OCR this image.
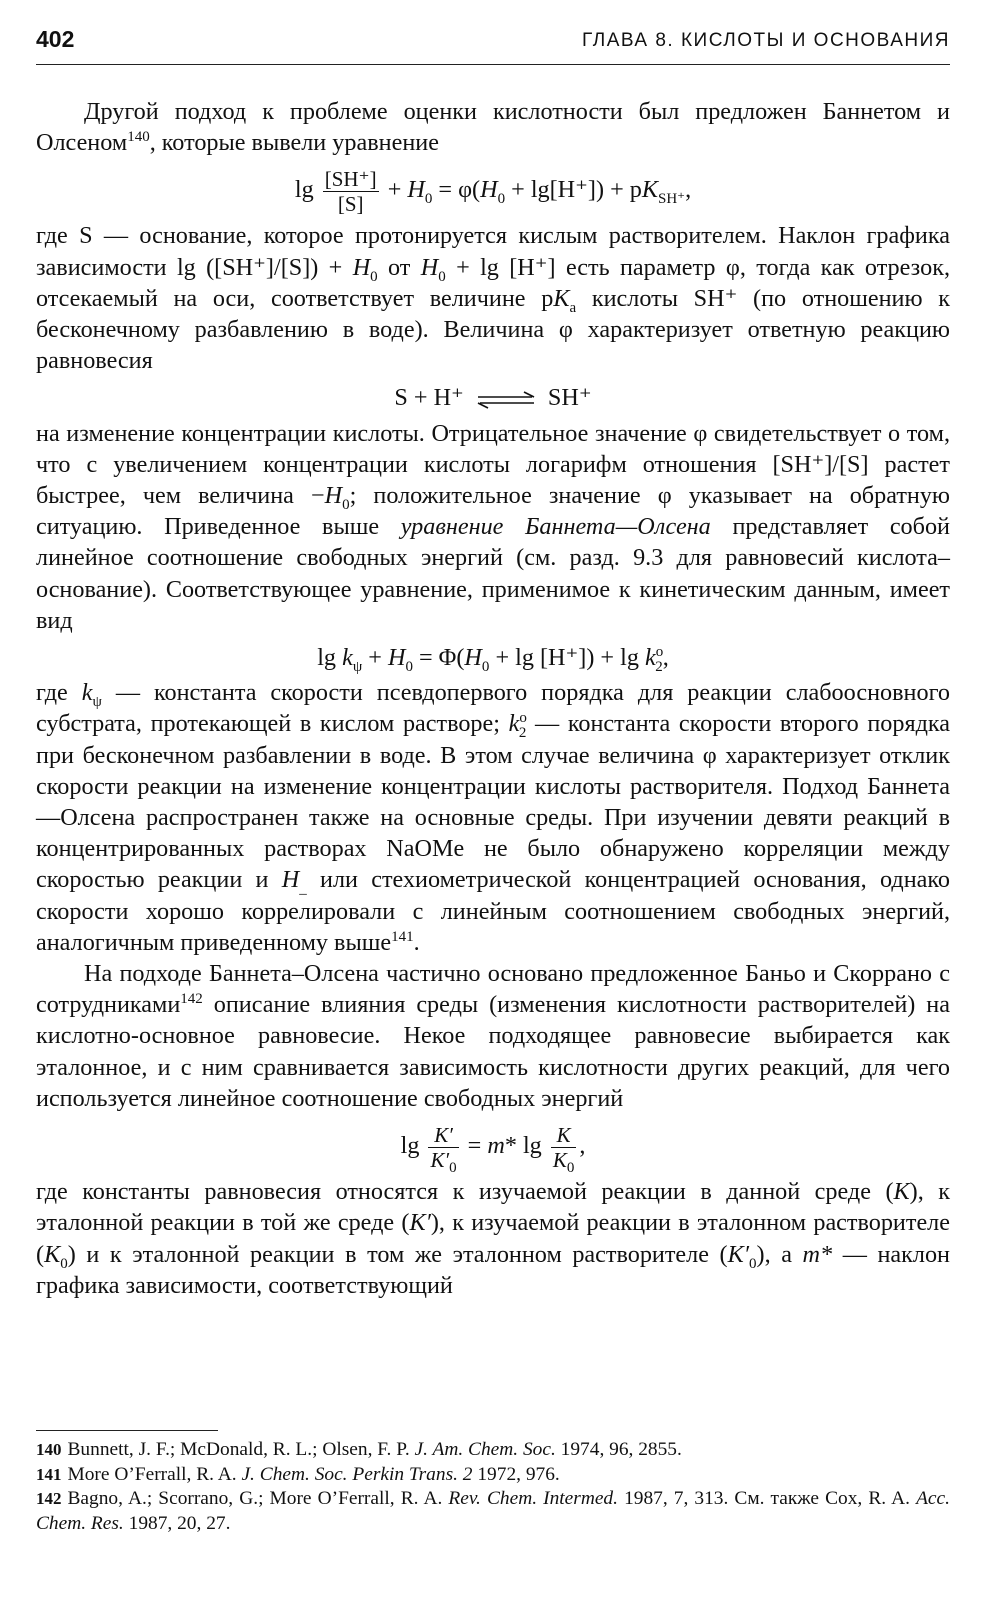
402	ГЛАВА 8. КИСЛОТЫ И ОСНОВАНИЯ

Другой подход к проблеме оценки кислотности был предложен Баннетом и Олсеном$^{140}$, которые вывели уравнение

$\lg \frac{[SH^+]}{[S]} + H_0 = \varphi(H_0 + \lg[H^+]) + pK_{SH^+}$,

где S — основание, которое протонируется кислым растворителем. Наклон графика зависимости $\lg ([SH^+]/[S]) + H_0$ от $H_0 + \lg [H^+]$ есть параметр φ, тогда как отрезок, отсекаемый на оси, соответствует величине $pK_a$ кислоты SH⁺ (по отношению к бесконечному разбавлению в воде). Величина φ характеризует ответную реакцию равновесия

S + H⁺ ⇌ SH⁺

на изменение концентрации кислоты. Отрицательное значение φ свидетельствует о том, что с увеличением концентрации кислоты логарифм отношения [SH⁺]/[S] растет быстрее, чем величина $-H_0$; положительное значение φ указывает на обратную ситуацию. Приведенное выше уравнение Баннета—Олсена представляет собой линейное соотношение свободных энергий (см. разд. 9.3 для равновесий кислота–основание). Соответствующее уравнение, применимое к кинетическим данным, имеет вид

$\lg k_\psi + H_0 = \Phi(H_0 + \lg [H^+]) + \lg k^o_2$,

где $k_\psi$ — константа скорости псевдопервого порядка для реакции слабоосновного субстрата, протекающей в кислом растворе; $k^o_2$ — константа скорости второго порядка при бесконечном разбавлении в воде. В этом случае величина φ характеризует отклик скорости реакции на изменение концентрации кислоты растворителя. Подход Баннета—Олсена распространен также на основные среды. При изучении девяти реакций в концентрированных растворах NaOMe не было обнаружено корреляции между скоростью реакции и $H_{\_}$ или стехиометрической концентрацией основания, однако скорости хорошо коррелировали с линейным соотношением свободных энергий, аналогичным приведенному выше$^{141}$.

На подходе Баннета–Олсена частично основано предложенное Баньо и Скоррано с сотрудниками$^{142}$ описание влияния среды (изменения кислотности растворителей) на кислотно-основное равновесие. Некое подходящее равновесие выбирается как эталонное, и с ним сравнивается зависимость кислотности других реакций, для чего используется линейное соотношение свободных энергий

$\lg \frac{K'}{K'_0} = m*$ $\lg \frac{K}{K_0}$ ,

где константы равновесия относятся к изучаемой реакции в данной среде (K), к эталонной реакции в той же среде (K′), к изучаемой реакции в эталонном растворителе $(K_0)$ и к эталонной реакции в том же эталонном растворителе $(K'_0)$, а m* — наклон графика зависимости, соответствующий

140 Bunnett, J. F.; McDonald, R. L.; Olsen, F. P. J. Am. Chem. Soc. 1974, 96, 2855.

141 More O’Ferrall, R. A. J. Chem. Soc. Perkin Trans. 2 1972, 976.

142 Bagno, A.; Scorrano, G.; More O’Ferrall, R. A. Rev. Chem. Intermed. 1987, 7, 313. См. также Cox, R. A. Acc. Chem. Res. 1987, 20, 27.
